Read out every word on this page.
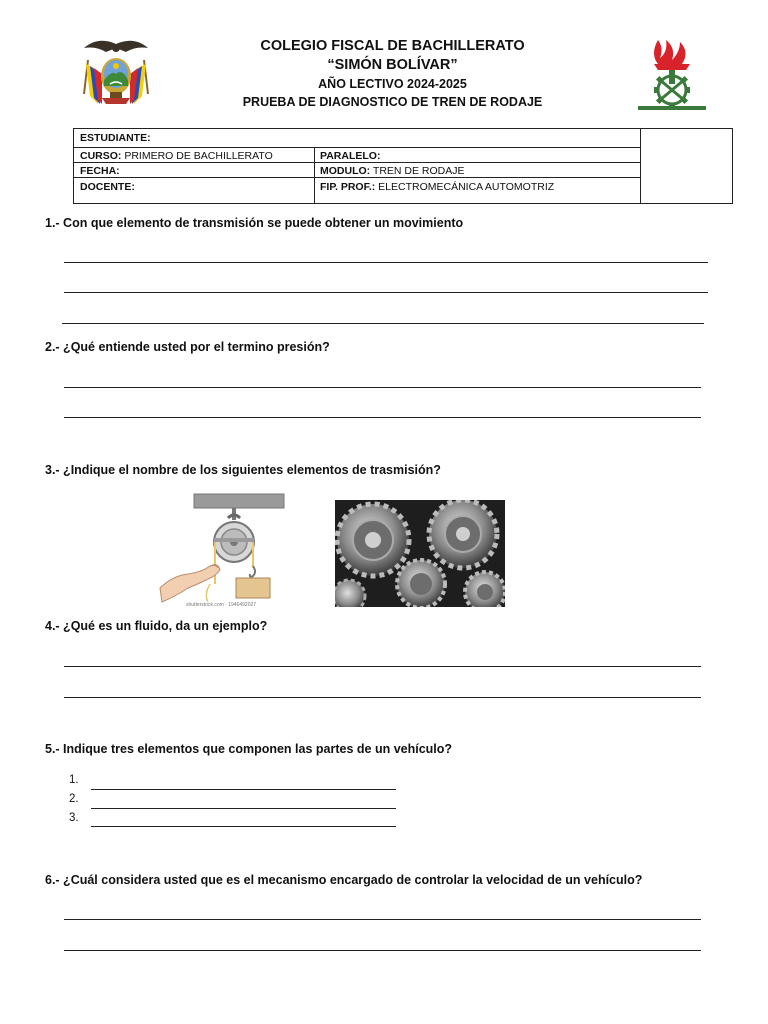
COLEGIO FISCAL DE BACHILLERATO
“SIMÓN BOLÍVAR”
AÑO LECTIVO 2024-2025
PRUEBA DE DIAGNOSTICO DE TREN DE RODAJE
ESTUDIANTE:
CURSO: PRIMERO DE BACHILLERATO	PARALELO:
FECHA:	MODULO: TREN DE RODAJE
DOCENTE:	FIP. PROF.: ELECTROMECÁNICA AUTOMOTRIZ
1.- Con que elemento de transmisión se puede obtener un movimiento
2.- ¿Qué entiende usted por el termino presión?
3.- ¿Indique el nombre de los siguientes elementos de trasmisión?
shutterstock.com · 1946492027
4.- ¿Qué es un fluido, da un ejemplo?
5.- Indique tres elementos que componen las partes de un vehículo?
1.
2.
3.
6.- ¿Cuál considera usted que es el mecanismo encargado de controlar la velocidad de un vehículo?
